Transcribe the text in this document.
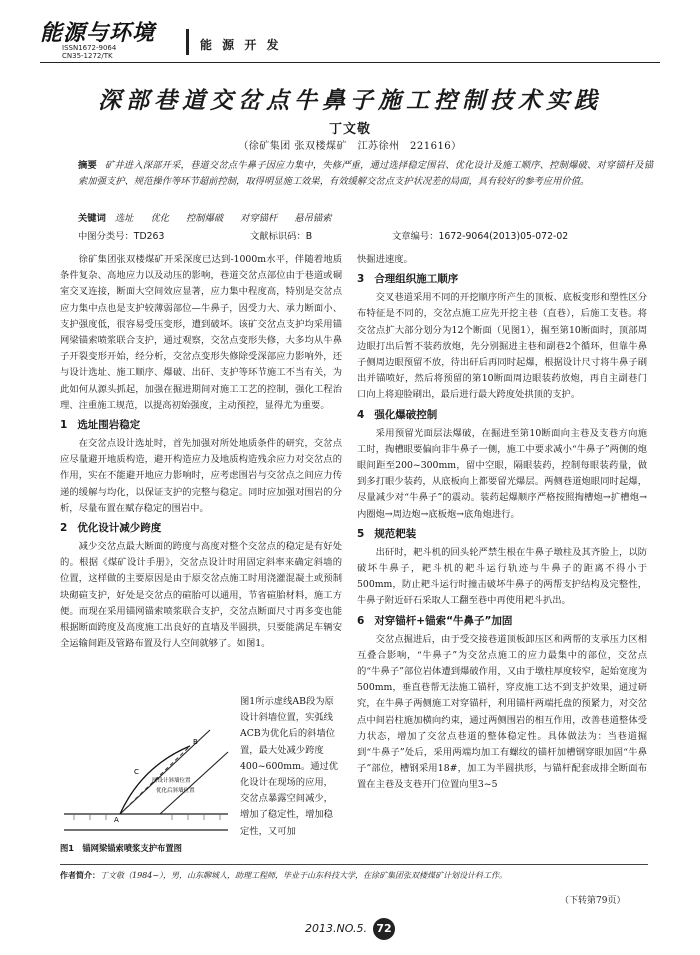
能源与环境
ISSN1672-9064
CN35-1272/TK
能 源 开 发
深部巷道交岔点牛鼻子施工控制技术实践
丁文敬
（徐矿集团 张双楼煤矿　江苏徐州　221616）
摘要 矿井进入深部开采，巷道交岔点牛鼻子因应力集中，失修严重，通过选择稳定围岩、优化设计及施工顺序、控制爆破、对穿锚杆及锚索加强支护、规范操作等环节超前控制，取得明显施工效果，有效缓解交岔点支护状况差的局面，具有较好的参考应用价值。
关键词 选址 优化 控制爆破 对穿锚杆 悬吊锚索
中图分类号：TD263	文献标识码：B	文章编号：1672-9064(2013)05-072-02

徐矿集团张双楼煤矿开采深度已达到-1000m水平，伴随着地质条件复杂、高地应力以及动压的影响，巷道交岔点部位由于巷道或硐室交叉连接，断面大空间效应显著，应力集中程度高，特别是交岔点应力集中点也是支护较薄弱部位—牛鼻子，因受力大、承力断面小、支护强度低，很容易受压变形，遭到破坏。该矿交岔点支护均采用锚网梁锚索喷浆联合支护，通过观察，交岔点变形失修，大多均从牛鼻子开裂变形开始，经分析，交岔点变形失修除受深部应力影响外，还与设计选址、施工顺序、爆破、出矸、支护等环节施工不当有关，为此如何从源头抓起，加强在掘进期间对施工工艺的控制，强化工程治理、注重施工规范，以提高初始强度，主动预控，显得尤为重要。

1 选址围岩稳定

在交岔点设计选址时，首先加强对所处地质条件的研究，交岔点应尽量避开地质构造，避开构造应力及地质构造残余应力对交岔点的作用，实在不能避开地应力影响时，应考虑围岩与交岔点之间应力传递的缓解与均化，以保证支护的完整与稳定。同时应加强对围岩的分析，尽量布置在赋存稳定的围岩中。

2 优化设计减少跨度

减少交岔点最大断面的跨度与高度对整个交岔点的稳定是有好处的。根据《煤矿设计手册》，交岔点设计时用固定斜率来确定斜墙的位置，这样做的主要原因是由于原交岔点施工时用浇灌混凝土或预制块砌碹支护，好处是交岔点的碹胎可以通用，节省碹胎材料，施工方便。而现在采用锚网锚索喷浆联合支护，交岔点断面尺寸再多变也能根据断面跨度及高度施工出良好的直墙及半圆拱，只要能满足车辆安全运输间距及管路布置及行人空间就够了。如图1。

图1所示虚线AB段为原设计斜墙位置，实弧线ACB为优化后的斜墙位置，最大处减少跨度400~600mm。通过优化设计在现场的应用，交岔点暴露空间减少，增加了稳定性，增加稳定性，又可加
A
B
C
原设计斜墙位置
优化后斜墙位置
图1　锚网梁锚索喷浆支护布置图

快掘进速度。

3 合理组织施工顺序

交叉巷道采用不同的开挖顺序所产生的顶板、底板变形和塑性区分布特征是不同的，交岔点施工应先开挖主巷（直巷），后施工支巷。将交岔点扩大部分划分为12个断面（见图1），掘至第10断面时，顶部周边眼打出后暂不装药放炮，先分别掘进主巷和副巷2个循环，但靠牛鼻子侧周边眼预留不放，待出矸后再同时起爆，根据设计尺寸将牛鼻子刷出并锚喷好，然后将预留的第10断面周边眼装药放炮，再自主副巷门口向上将迎脸刷出，最后进行最大跨度处拱顶的支护。

4 强化爆破控制

采用预留光面层法爆破，在掘进至第10断面向主巷及支巷方向施工时，掏槽眼要偏向非牛鼻子一侧，施工中要求减小“牛鼻子”两侧的炮眼间距至200~300mm，留中空眼，隔眼装药，控制每眼装药量，做到多打眼少装药，从底板向上都要留光爆层。两侧巷道炮眼同时起爆，尽量减少对“牛鼻子”的震动。装药起爆顺序严格按照掏槽炮→扩槽炮→内圈炮→周边炮→底板炮→底角炮进行。

5 规范耙装

出矸时，耙斗机的回头轮严禁生根在牛鼻子墩柱及其齐脸上，以防破坏牛鼻子，耙斗机的耙斗运行轨迹与牛鼻子的距离不得小于500mm，防止耙斗运行时撞击破坏牛鼻子的两帮支护结构及完整性，牛鼻子附近矸石采取人工翻至巷中再使用耙斗扒出。

6 对穿锚杆+锚索“牛鼻子”加固

交岔点掘进后，由于受交接巷道顶板卸压区和两帮的支承压力区相互叠合影响，“牛鼻子”为交岔点施工的应力最集中的部位，交岔点的“牛鼻子”部位岩体遭到爆破作用，又由于墩柱厚度较窄，起始宽度为500mm，垂直巷帮无法施工锚杆，穿皮施工达不到支护效果，通过研究，在牛鼻子两侧施工对穿锚杆，利用锚杆两端托盘的预紧力，对交岔点中间岩柱施加横向约束，通过两侧围岩的相互作用，改善巷道整体受力状态，增加了交岔点巷道的整体稳定性。具体做法为：当巷道掘到“牛鼻子”处后，采用两端均加工有螺纹的锚杆加槽钢穿眼加固“牛鼻子”部位，槽钢采用18#，加工为半圆拱形，与锚杆配套成排全断面布置在主巷及支巷开门位置向里3~5

作者简介：丁文敬（1984~），男，山东聊城人，助理工程师，毕业于山东科技大学，在徐矿集团张双楼煤矿计划设计科工作。
（下转第79页）
2013.NO.5. 72
